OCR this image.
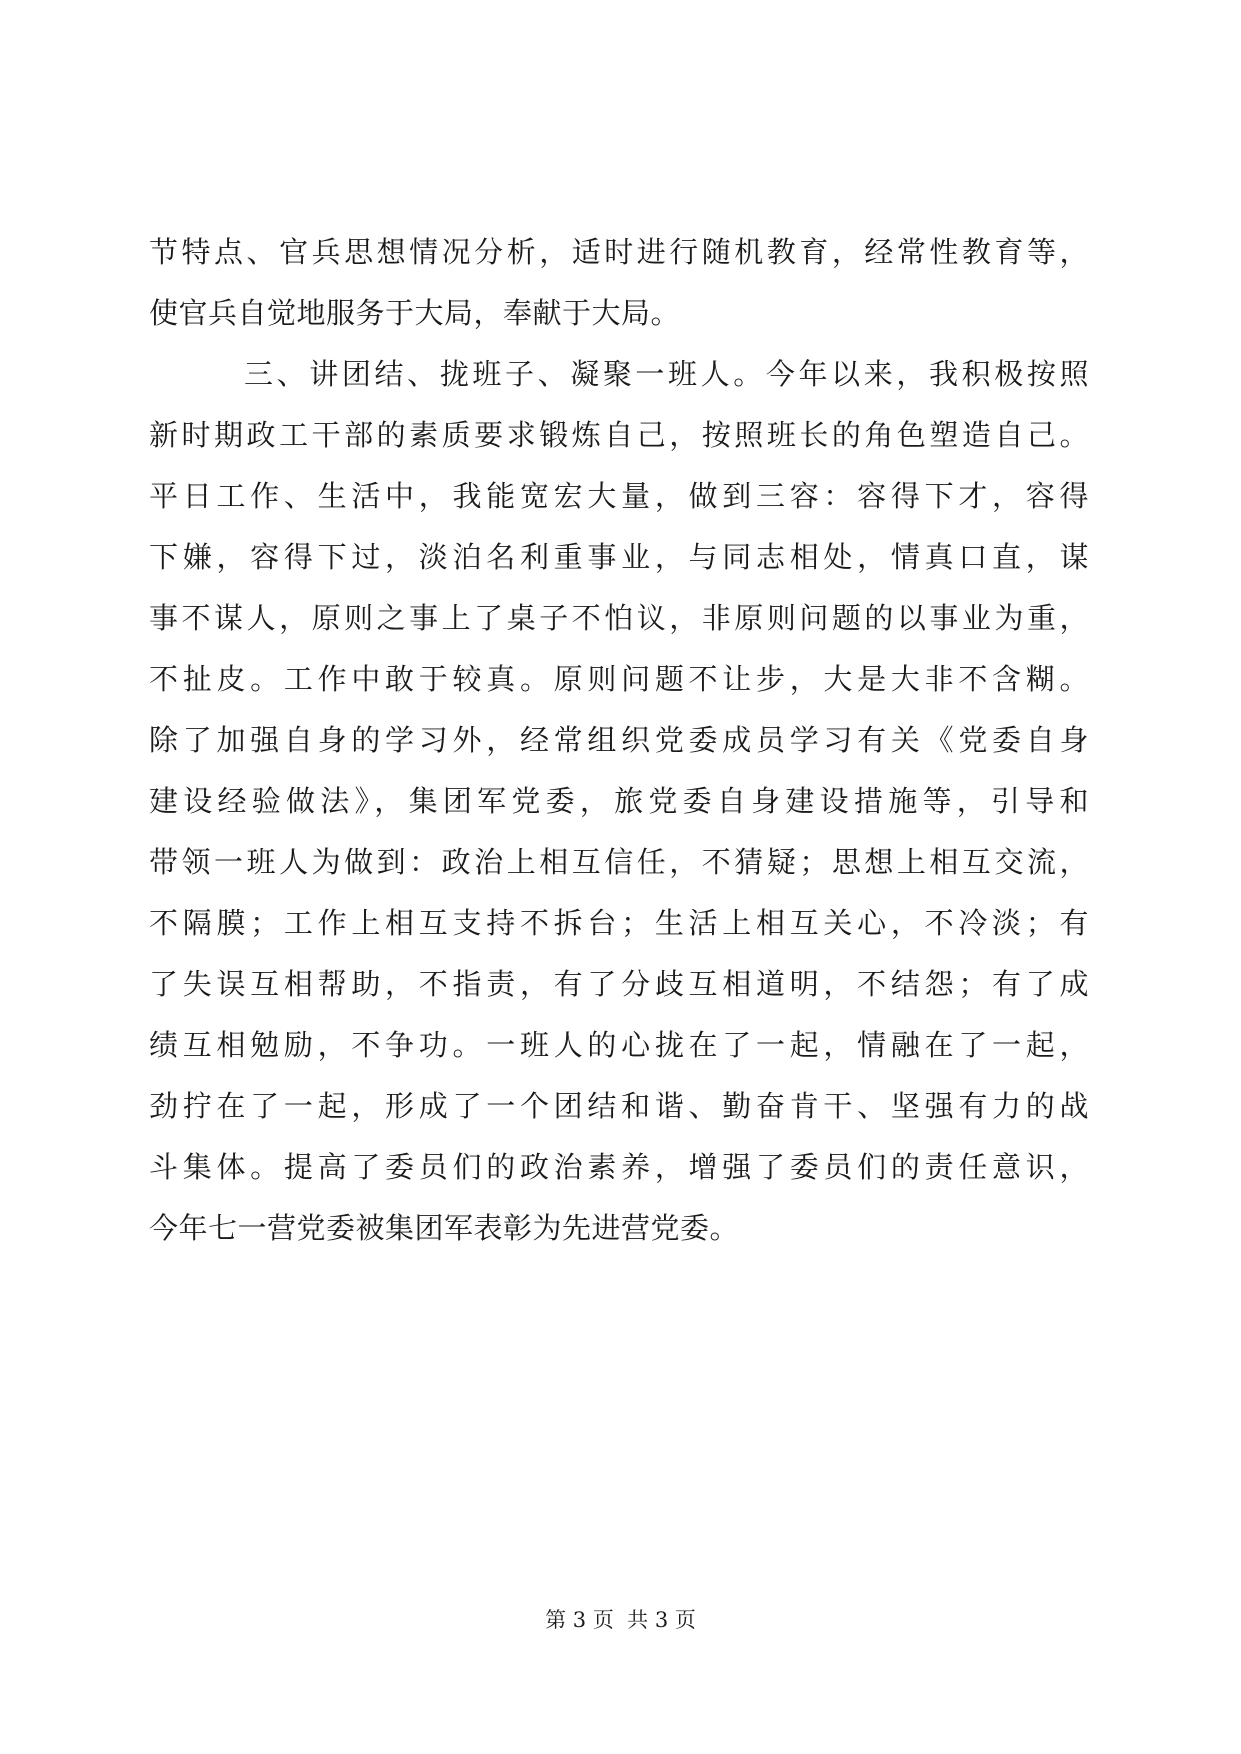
节特点、官兵思想情况分析，适时进行随机教育，经常性教育等，
使官兵自觉地服务于大局，奉献于大局。
三、讲团结、拢班子、凝聚一班人。今年以来，我积极按照
新时期政工干部的素质要求锻炼自己，按照班长的角色塑造自己。
平日工作、生活中，我能宽宏大量，做到三容：容得下才，容得
下嫌，容得下过，淡泊名利重事业，与同志相处，情真口直，谋
事不谋人，原则之事上了桌子不怕议，非原则问题的以事业为重，
不扯皮。工作中敢于较真。原则问题不让步，大是大非不含糊。
除了加强自身的学习外，经常组织党委成员学习有关《党委自身
建设经验做法》，集团军党委，旅党委自身建设措施等，引导和
带领一班人为做到：政治上相互信任，不猜疑；思想上相互交流，
不隔膜；工作上相互支持不拆台；生活上相互关心，不冷淡；有
了失误互相帮助，不指责，有了分歧互相道明，不结怨；有了成
绩互相勉励，不争功。一班人的心拢在了一起，情融在了一起，
劲拧在了一起，形成了一个团结和谐、勤奋肯干、坚强有力的战
斗集体。提高了委员们的政治素养，增强了委员们的责任意识，
今年七一营党委被集团军表彰为先进营党委。
第 3 页  共 3 页
